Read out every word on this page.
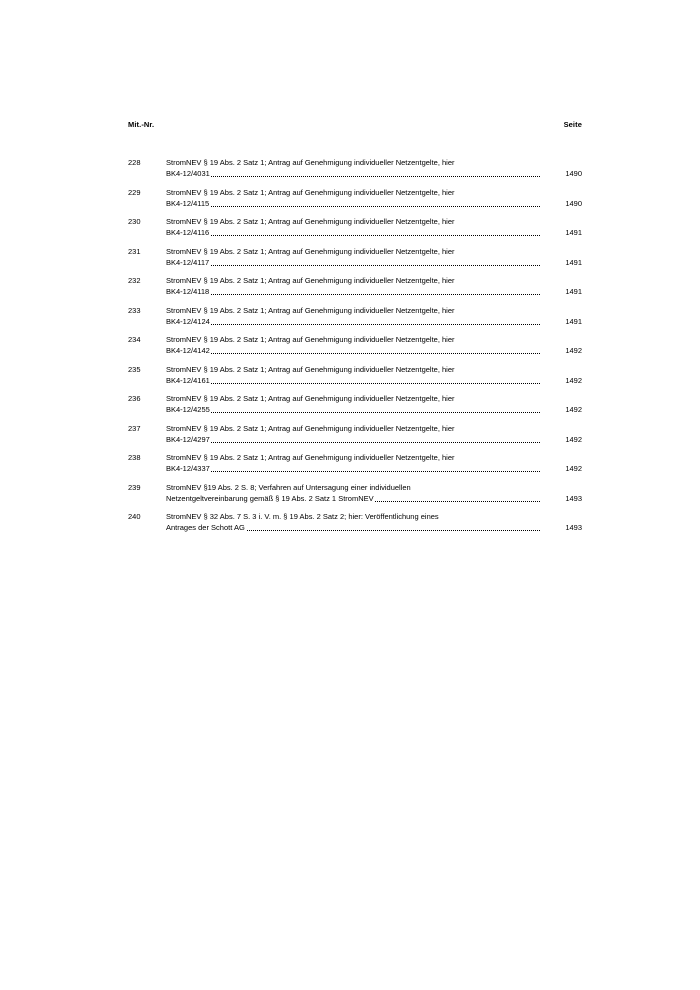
Mit.-Nr.	Seite
228	StromNEV § 19 Abs. 2 Satz 1; Antrag auf Genehmigung individueller Netzentgelte, hier
BK4-12/4031	1490
229	StromNEV § 19 Abs. 2 Satz 1; Antrag auf Genehmigung individueller Netzentgelte, hier
BK4-12/4115	1490
230	StromNEV § 19 Abs. 2 Satz 1; Antrag auf Genehmigung individueller Netzentgelte, hier
BK4-12/4116	1491
231	StromNEV § 19 Abs. 2 Satz 1; Antrag auf Genehmigung individueller Netzentgelte, hier
BK4-12/4117	1491
232	StromNEV § 19 Abs. 2 Satz 1; Antrag auf Genehmigung individueller Netzentgelte, hier
BK4-12/4118	1491
233	StromNEV § 19 Abs. 2 Satz 1; Antrag auf Genehmigung individueller Netzentgelte, hier
BK4-12/4124	1491
234	StromNEV § 19 Abs. 2 Satz 1; Antrag auf Genehmigung individueller Netzentgelte, hier
BK4-12/4142	1492
235	StromNEV § 19 Abs. 2 Satz 1; Antrag auf Genehmigung individueller Netzentgelte, hier
BK4-12/4161	1492
236	StromNEV § 19 Abs. 2 Satz 1; Antrag auf Genehmigung individueller Netzentgelte, hier
BK4-12/4255	1492
237	StromNEV § 19 Abs. 2 Satz 1; Antrag auf Genehmigung individueller Netzentgelte, hier
BK4-12/4297	1492
238	StromNEV § 19 Abs. 2 Satz 1; Antrag auf Genehmigung individueller Netzentgelte, hier
BK4-12/4337	1492
239	StromNEV §19 Abs. 2 S. 8; Verfahren auf Untersagung einer individuellen
Netzentgeltvereinbarung gemäß § 19 Abs. 2 Satz 1 StromNEV	1493
240	StromNEV § 32 Abs. 7 S. 3 i. V. m. § 19 Abs. 2 Satz 2; hier: Veröffentlichung eines
Antrages der Schott AG	1493
